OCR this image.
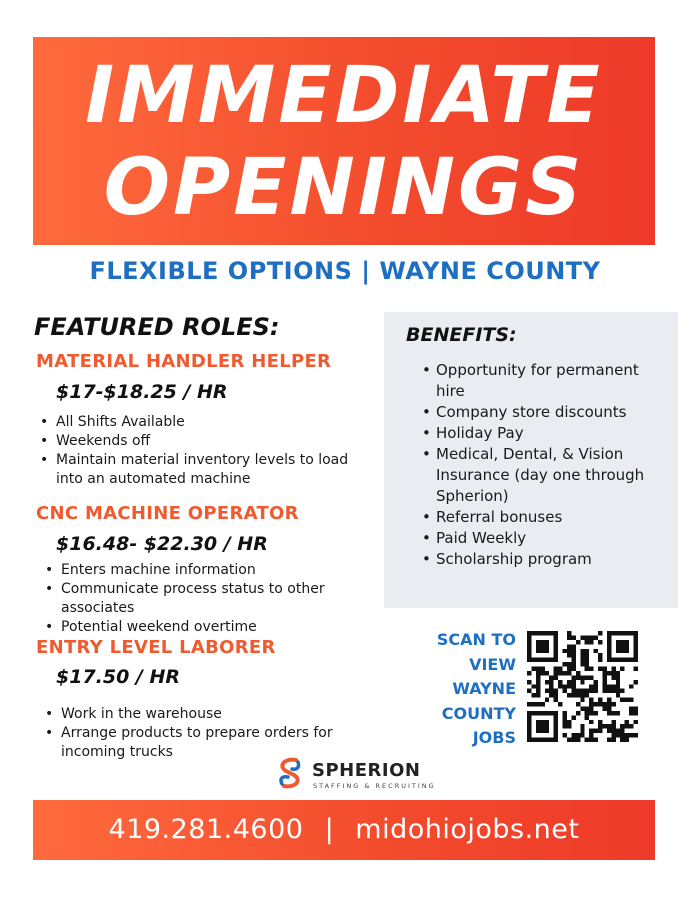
IMMEDIATE
OPENINGS
FLEXIBLE OPTIONS | WAYNE COUNTY
FEATURED ROLES:
MATERIAL HANDLER HELPER
$17-$18.25 / HR
• All Shifts Available
• Weekends off
• Maintain material inventory levels to load into an automated machine
CNC MACHINE OPERATOR
$16.48- $22.30 / HR
• Enters machine information
• Communicate process status to other associates
• Potential weekend overtime
ENTRY LEVEL LABORER
$17.50 / HR
• Work in the warehouse
• Arrange products to prepare orders for incoming trucks
BENEFITS:
• Opportunity for permanent hire
• Company store discounts
• Holiday Pay
• Medical, Dental, & Vision Insurance (day one through Spherion)
• Referral bonuses
• Paid Weekly
• Scholarship program
SCAN TO
VIEW
WAYNE
COUNTY
JOBS
SPHERION
STAFFING & RECRUITING
419.281.4600 | midohiojobs.net
